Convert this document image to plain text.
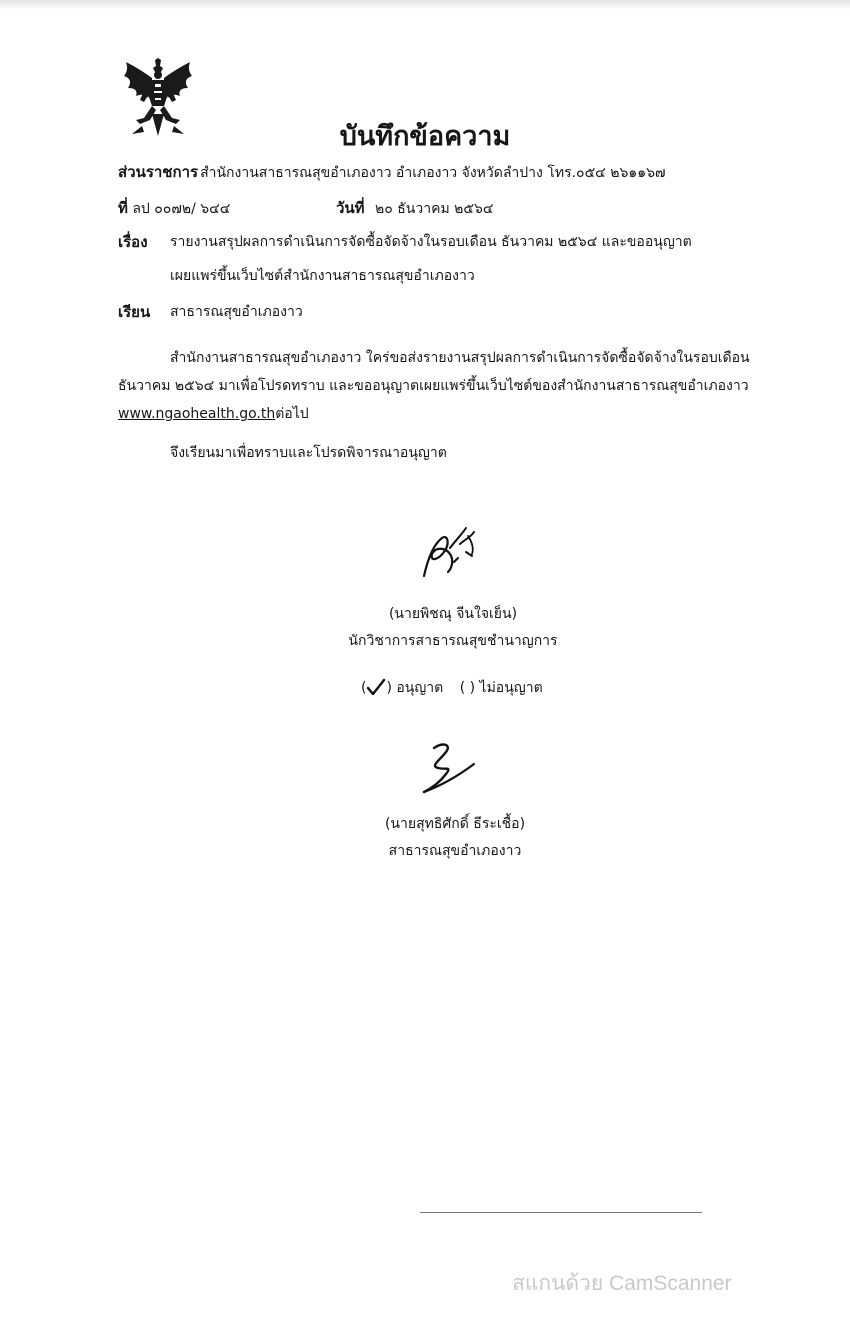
บันทึกข้อความ
ส่วนราชการ สำนักงานสาธารณสุขอำเภองาว อำเภองาว จังหวัดลำปาง โทร.๐๕๔ ๒๖๑๑๖๗
ที่ ลป ๐๐๗๒/ ๖๔๔	วันที่ ๒๐ ธันวาคม ๒๕๖๔
เรื่อง รายงานสรุปผลการดำเนินการจัดซื้อจัดจ้างในรอบเดือน ธันวาคม ๒๕๖๔ และขออนุญาต
เผยแพร่ขึ้นเว็บไซต์สำนักงานสาธารณสุขอำเภองาว
เรียน สาธารณสุขอำเภองาว
สำนักงานสาธารณสุขอำเภองาว ใคร่ขอส่งรายงานสรุปผลการดำเนินการจัดซื้อจัดจ้างในรอบเดือน
ธันวาคม ๒๕๖๔ มาเพื่อโปรดทราบ และขออนุญาตเผยแพร่ขึ้นเว็บไซต์ของสำนักงานสาธารณสุขอำเภองาว
www.ngaohealth.go.thต่อไป
จึงเรียนมาเพื่อทราบและโปรดพิจารณาอนุญาต
(นายพิชณุ จีนใจเย็น)
นักวิชาการสาธารณสุขชำนาญการ
( ) อนุญาต ( ) ไม่อนุญาต
(นายสุทธิศักดิ์ ธีระเชื้อ)
สาธารณสุขอำเภองาว
สแกนด้วย CamScanner
